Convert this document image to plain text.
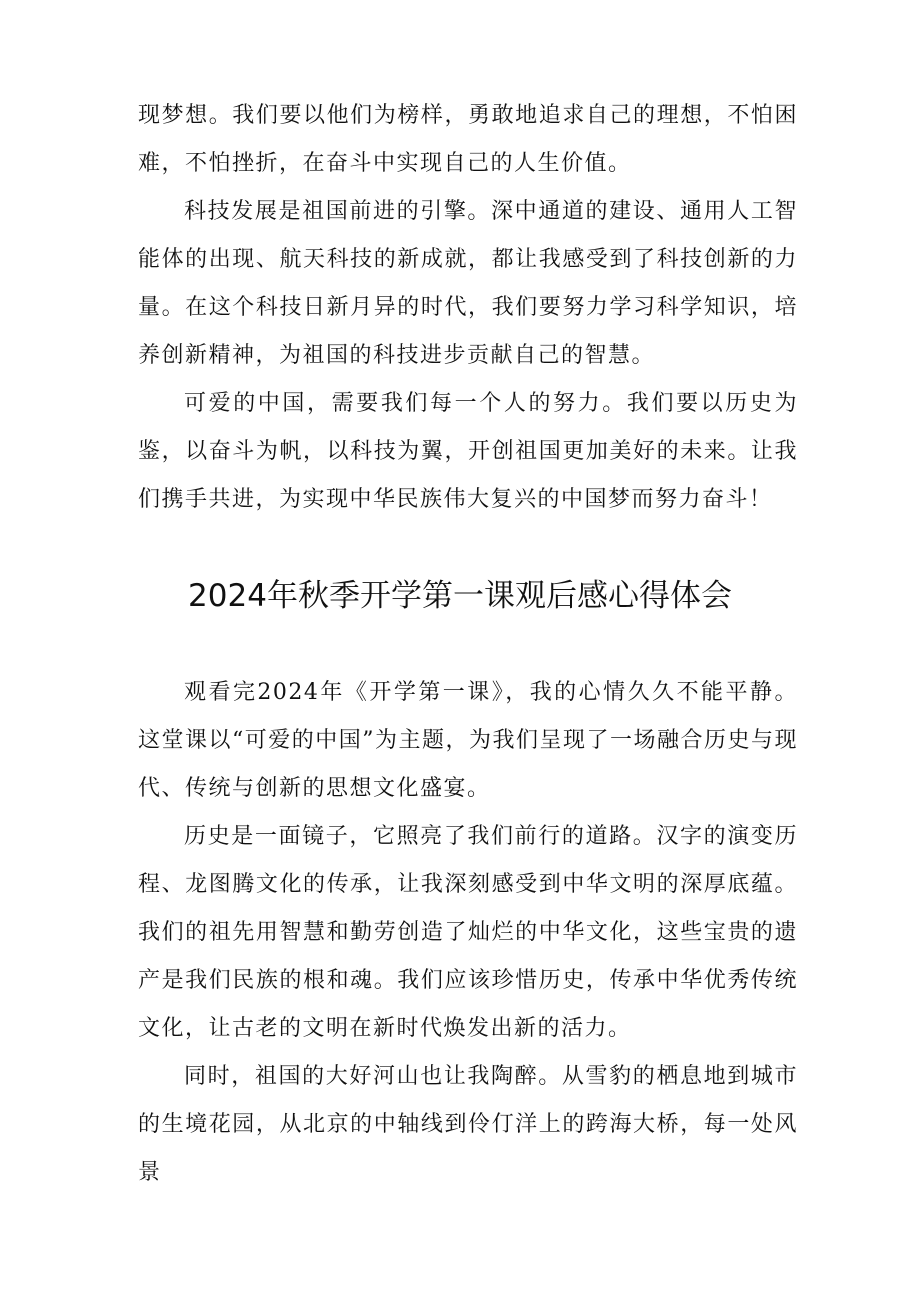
现梦想。我们要以他们为榜样，勇敢地追求自己的理想，不怕困难，不怕挫折，在奋斗中实现自己的人生价值。

科技发展是祖国前进的引擎。深中通道的建设、通用人工智能体的出现、航天科技的新成就，都让我感受到了科技创新的力量。在这个科技日新月异的时代，我们要努力学习科学知识，培养创新精神，为祖国的科技进步贡献自己的智慧。

可爱的中国，需要我们每一个人的努力。我们要以历史为鉴，以奋斗为帆，以科技为翼，开创祖国更加美好的未来。让我们携手共进，为实现中华民族伟大复兴的中国梦而努力奋斗！

2024年秋季开学第一课观后感心得体会

观看完2024年《开学第一课》，我的心情久久不能平静。这堂课以“可爱的中国”为主题，为我们呈现了一场融合历史与现代、传统与创新的思想文化盛宴。

历史是一面镜子，它照亮了我们前行的道路。汉字的演变历程、龙图腾文化的传承，让我深刻感受到中华文明的深厚底蕴。我们的祖先用智慧和勤劳创造了灿烂的中华文化，这些宝贵的遗产是我们民族的根和魂。我们应该珍惜历史，传承中华优秀传统文化，让古老的文明在新时代焕发出新的活力。

同时，祖国的大好河山也让我陶醉。从雪豹的栖息地到城市的生境花园，从北京的中轴线到伶仃洋上的跨海大桥，每一处风景
